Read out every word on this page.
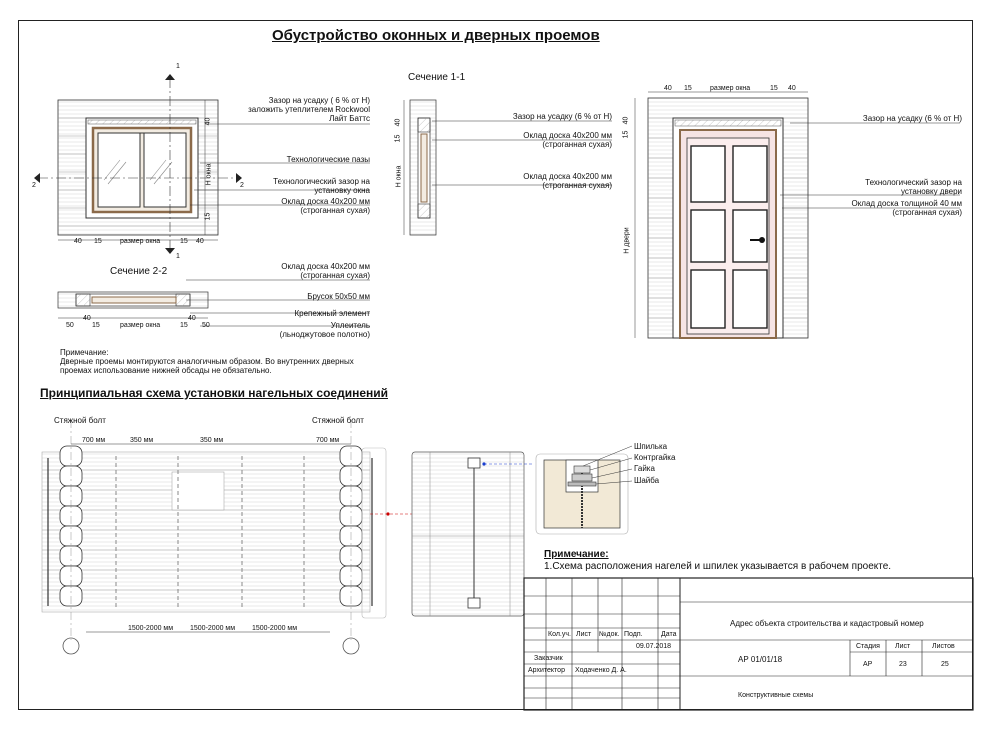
Обустройство оконных и дверных проемов
1
1
2	2
Зазор на усадку ( 6 % от Н)
заложить утеплителем Rockwool
Лайт Баттс
Технологические пазы
Технологический зазор на
установку окна
Оклад доска 40х200 мм
(строганная сухая)
40 15	размер окна	15 40
40
Н окна
15
Сечение 2-2	Оклад доска 40х200 мм
(строганная сухая)
Брусок 50х50 мм
Крепежный элемент
Уплеитель
(льноджутовое полотно)
40	40
50	15	размер окна	15 50
Сечение 1-1
Зазор на усадку (6 % от Н)
Оклад доска 40х200 мм
(строганная сухая)
Оклад доска 40х200 мм
(строганная сухая)
40
15
Н окна
40 15	размер окна	15 40
40
15
Н двери
Зазор на усадку (6 % от Н)
Технологический зазор на
установку двери
Оклад доска толщиной 40 мм
(строганная сухая)
Примечание:
Дверные проемы монтируются аналогичным образом. Во внутренних дверных
проемах использование нижней обсады не обязательно.
Принципиальная схема установки нагельных соединений
Стяжной болт	Стяжной болт
700 мм	350 мм	350 мм	700 мм
1500-2000 мм 1500-2000 мм 1500-2000 мм
Шпилька
Контргайка
Гайка
Шайба
Примечание:
1.Схема расположения нагелей и шпилек указывается в рабочем проекте.
Кол.уч. Лист №док. Подп.	Дата
09.07.2018
Заказчик
Архитектор Ходаченко Д. А.
Адрес объекта строительства и кадастровый номер
АР 01/01/18
Стадия Лист	Листов
АР	23	25
Конструктивные схемы
